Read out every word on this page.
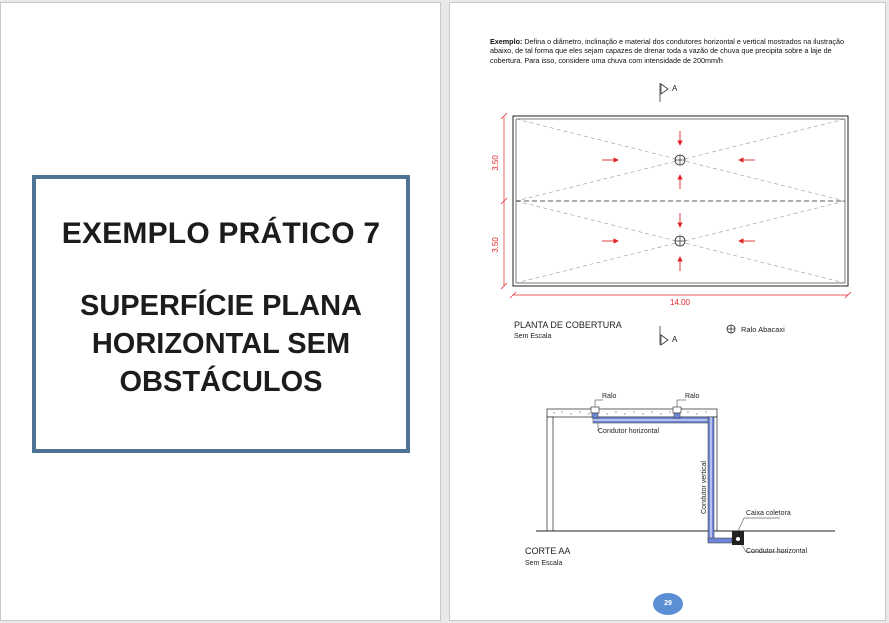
EXEMPLO PRÁTICO 7
SUPERFÍCIE PLANA HORIZONTAL SEM OBSTÁCULOS
Exemplo: Defina o diâmetro, inclinação e material dos condutores horizontal e vertical mostrados na ilustração abaixo, de tal forma que eles sejam capazes de drenar toda a vazão de chuva que precipita sobre a laje de cobertura. Para isso, considere uma chuva com intensidade de 200mm/h
A
3.50
3.50
14.00
PLANTA DE COBERTURA
Sem Escala	A
Ralo Abacaxi
Ralo	Ralo
Condutor horizontal
Condutor vertical	Caixa coletora
Condutor horizontal
CORTE AA
Sem Escala
29
